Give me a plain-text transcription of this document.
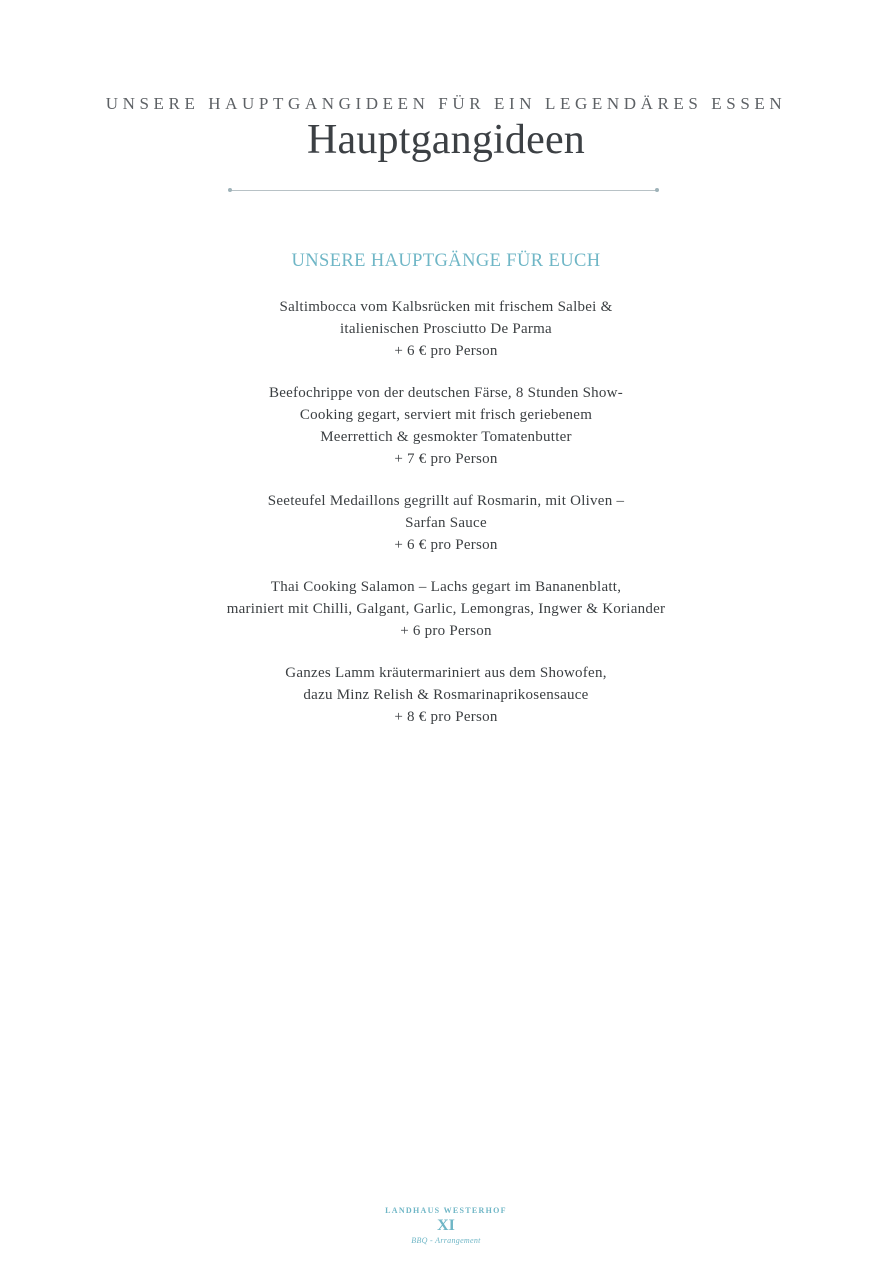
UNSERE HAUPTGANGIDEEN FÜR EIN LEGENDÄRES ESSEN
Hauptgangideen
UNSERE HAUPTGÄNGE FÜR EUCH
Saltimbocca vom Kalbsrücken mit frischem Salbei &
italienischen Prosciutto De Parma
+ 6 € pro Person
Beefochrippe von der deutschen Färse, 8 Stunden Show-
Cooking gegart, serviert mit frisch geriebenem
Meerrettich & gesmokter Tomatenbutter
+ 7 € pro Person
Seeteufel Medaillons gegrillt auf Rosmarin, mit Oliven –
Sarfan Sauce
+ 6 € pro Person
Thai Cooking Salamon – Lachs gegart im Bananenblatt,
mariniert mit Chilli, Galgant, Garlic, Lemongras, Ingwer & Koriander
+ 6 pro Person
Ganzes Lamm kräutermariniert aus dem Showofen,
dazu Minz Relish & Rosmarinaprikosensauce
+ 8 € pro Person
LANDHAUS WESTERHOF
XI
BBQ - Arrangement
